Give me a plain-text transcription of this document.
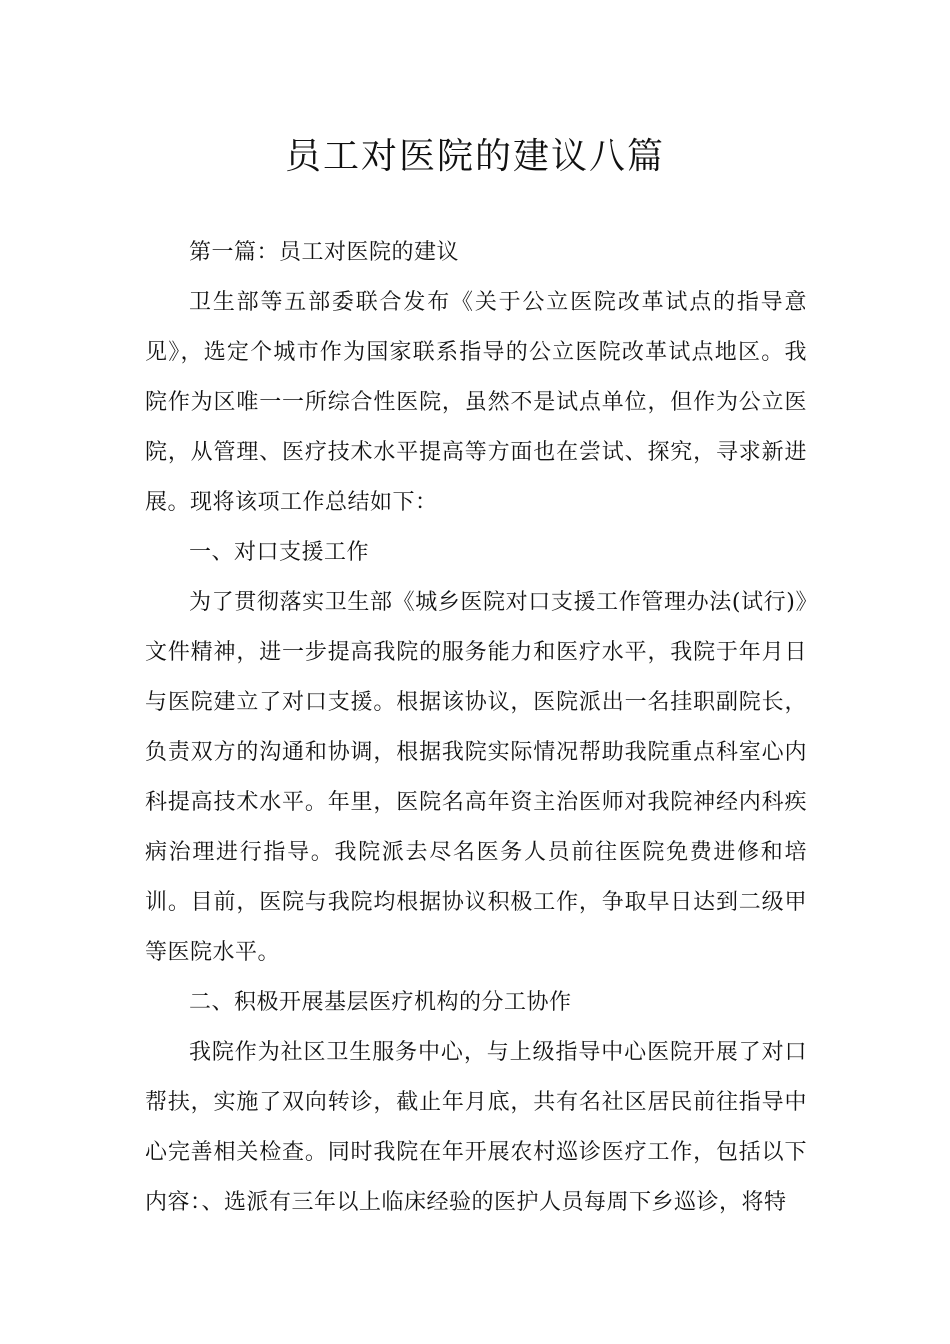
员工对医院的建议八篇

第一篇：员工对医院的建议

卫生部等五部委联合发布《关于公立医院改革试点的指导意见》，选定个城市作为国家联系指导的公立医院改革试点地区。我院作为区唯一一所综合性医院，虽然不是试点单位，但作为公立医院，从管理、医疗技术水平提高等方面也在尝试、探究，寻求新进展。现将该项工作总结如下：

一、对口支援工作

为了贯彻落实卫生部《城乡医院对口支援工作管理办法(试行)》文件精神，进一步提高我院的服务能力和医疗水平，我院于年月日与医院建立了对口支援。根据该协议，医院派出一名挂职副院长，负责双方的沟通和协调，根据我院实际情况帮助我院重点科室心内科提高技术水平。年里，医院名高年资主治医师对我院神经内科疾病治理进行指导。我院派去尽名医务人员前往医院免费进修和培训。目前，医院与我院均根据协议积极工作，争取早日达到二级甲等医院水平。

二、积极开展基层医疗机构的分工协作

我院作为社区卫生服务中心，与上级指导中心医院开展了对口帮扶，实施了双向转诊，截止年月底，共有名社区居民前往指导中心完善相关检查。同时我院在年开展农村巡诊医疗工作，包括以下内容：、选派有三年以上临床经验的医护人员每周下乡巡诊，将特
